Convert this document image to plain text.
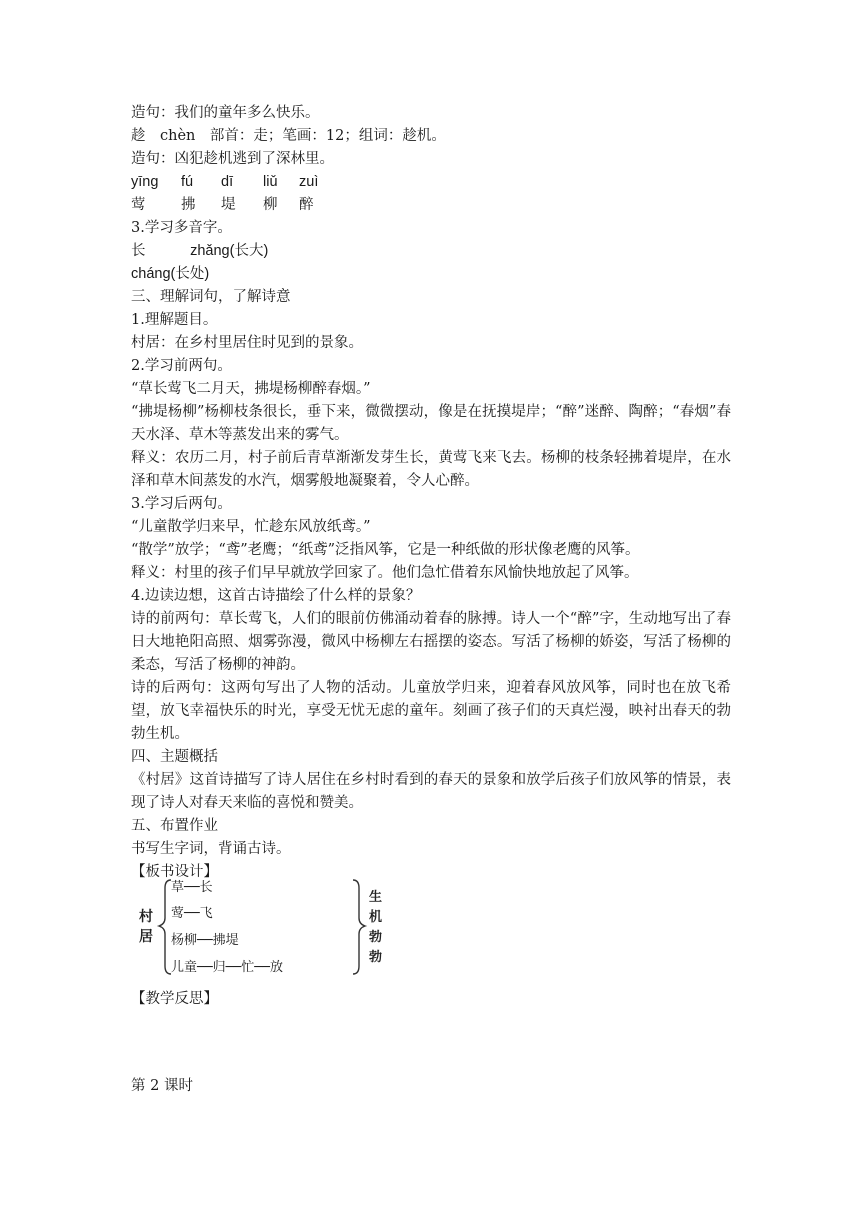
造句：我们的童年多么快乐。
趁　chèn　部首：走；笔画：12；组词：趁机。
造句：凶犯趁机逃到了深林里。
yīng	fú	dī	liǔ	zuì
莺	拂	堤	柳	醉
3.学习多音字。
长	zhǎnɡ(长大)
chánɡ(长处)
三、理解词句，了解诗意
1.理解题目。
村居：在乡村里居住时见到的景象。
2.学习前两句。
“草长莺飞二月天，拂堤杨柳醉春烟。”
“拂堤杨柳”杨柳枝条很长，垂下来，微微摆动，像是在抚摸堤岸；“醉”迷醉、陶醉；“春烟”春天水泽、草木等蒸发出来的雾气。
释义：农历二月，村子前后青草渐渐发芽生长，黄莺飞来飞去。杨柳的枝条轻拂着堤岸，在水泽和草木间蒸发的水汽，烟雾般地凝聚着，令人心醉。
3.学习后两句。
“儿童散学归来早，忙趁东风放纸鸢。”
“散学”放学；“鸢”老鹰；“纸鸢”泛指风筝，它是一种纸做的形状像老鹰的风筝。
释义：村里的孩子们早早就放学回家了。他们急忙借着东风愉快地放起了风筝。
4.边读边想，这首古诗描绘了什么样的景象？
诗的前两句：草长莺飞，人们的眼前仿佛涌动着春的脉搏。诗人一个“醉”字，生动地写出了春日大地艳阳高照、烟雾弥漫，微风中杨柳左右摇摆的姿态。写活了杨柳的娇姿，写活了杨柳的柔态，写活了杨柳的神韵。
诗的后两句：这两句写出了人物的活动。儿童放学归来，迎着春风放风筝，同时也在放飞希望，放飞幸福快乐的时光，享受无忧无虑的童年。刻画了孩子们的天真烂漫，映衬出春天的勃勃生机。
四、主题概括
《村居》这首诗描写了诗人居住在乡村时看到的春天的景象和放学后孩子们放风筝的情景，表现了诗人对春天来临的喜悦和赞美。
五、布置作业
书写生字词，背诵古诗。
【板书设计】
村
居
草──长
莺──飞
杨柳──拂堤
儿童──归──忙──放
生
机
勃
勃
【教学反思】
第 2 课时
